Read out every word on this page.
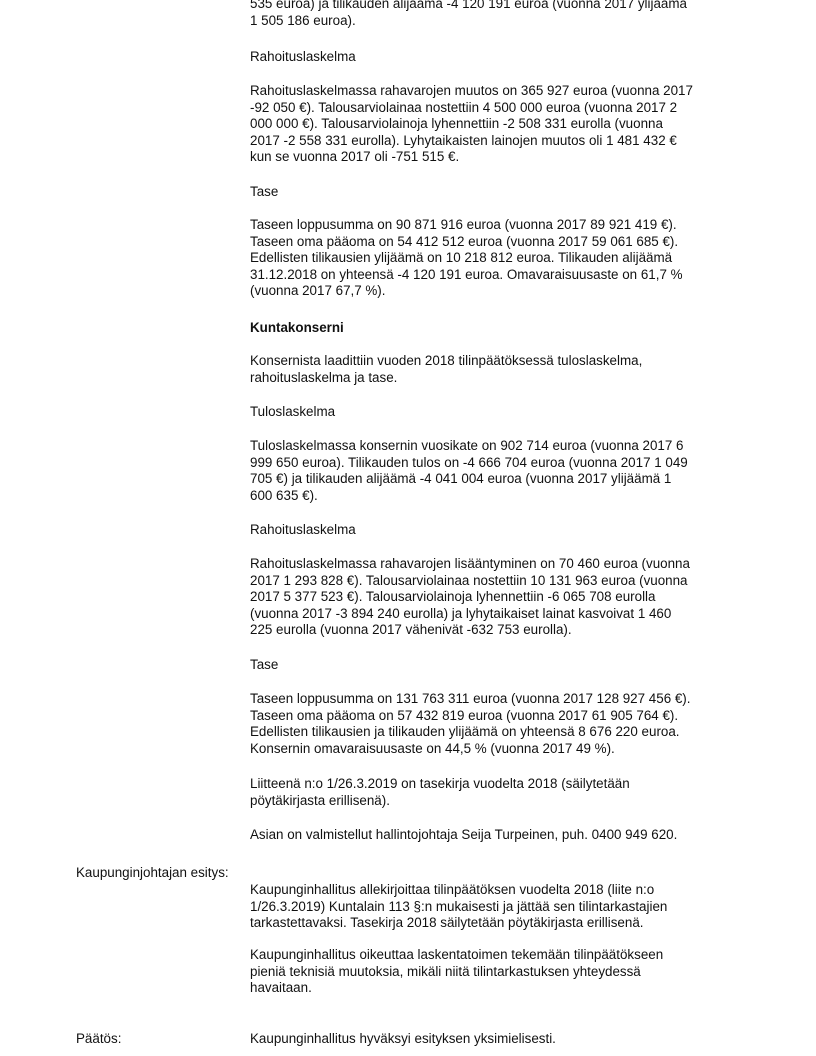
Kaupunginjohtajan esitys:
Päätös:
535 euroa) ja tilikauden alijäämä -4 120 191 euroa (vuonna 2017 ylijäämä
1 505 186 euroa).
Rahoituslaskelma
Rahoituslaskelmassa rahavarojen muutos on 365 927 euroa (vuonna 2017
-92 050 €). Talousarviolainaa nostettiin 4 500 000 euroa (vuonna 2017 2
000 000 €). Talousarviolainoja lyhennettiin -2 508 331 eurolla (vuonna
2017 -2 558 331 eurolla). Lyhytaikaisten lainojen muutos oli 1 481 432 €
kun se vuonna 2017 oli -751 515 €.
Tase
Taseen loppusumma on 90 871 916 euroa (vuonna 2017 89 921 419 €).
Taseen oma pääoma on 54 412 512 euroa (vuonna 2017 59 061 685 €).
Edellisten tilikausien ylijäämä on 10 218 812 euroa. Tilikauden alijäämä
31.12.2018 on yhteensä -4 120 191 euroa. Omavaraisuusaste on 61,7 %
(vuonna 2017 67,7 %).
Kuntakonserni
Konsernista laadittiin vuoden 2018 tilinpäätöksessä tuloslaskelma,
rahoituslaskelma ja tase.
Tuloslaskelma
Tuloslaskelmassa konsernin vuosikate on 902 714 euroa (vuonna 2017 6
999 650 euroa). Tilikauden tulos on -4 666 704 euroa (vuonna 2017 1 049
705 €) ja tilikauden alijäämä -4 041 004 euroa (vuonna 2017 ylijäämä 1
600 635 €).
Rahoituslaskelma
Rahoituslaskelmassa rahavarojen lisääntyminen on 70 460 euroa (vuonna
2017 1 293 828 €). Talousarviolainaa nostettiin 10 131 963 euroa (vuonna
2017 5 377 523 €). Talousarviolainoja lyhennettiin -6 065 708 eurolla
(vuonna 2017 -3 894 240 eurolla) ja lyhytaikaiset lainat kasvoivat 1 460
225 eurolla (vuonna 2017 vähenivät -632 753 eurolla).
Tase
Taseen loppusumma on 131 763 311 euroa (vuonna 2017 128 927 456 €).
Taseen oma pääoma on 57 432 819 euroa (vuonna 2017 61 905 764 €).
Edellisten tilikausien ja tilikauden ylijäämä on yhteensä 8 676 220 euroa.
Konsernin omavaraisuusaste on 44,5 % (vuonna 2017 49 %).
Liitteenä n:o 1/26.3.2019 on tasekirja vuodelta 2018 (säilytetään
pöytäkirjasta erillisenä).
Asian on valmistellut hallintojohtaja Seija Turpeinen, puh. 0400 949 620.
Kaupunginhallitus allekirjoittaa tilinpäätöksen vuodelta 2018 (liite n:o
1/26.3.2019) Kuntalain 113 §:n mukaisesti ja jättää sen tilintarkastajien
tarkastettavaksi. Tasekirja 2018 säilytetään pöytäkirjasta erillisenä.
Kaupunginhallitus oikeuttaa laskentatoimen tekemään tilinpäätökseen
pieniä teknisiä muutoksia, mikäli niitä tilintarkastuksen yhteydessä
havaitaan.
Kaupunginhallitus hyväksyi esityksen yksimielisesti.
